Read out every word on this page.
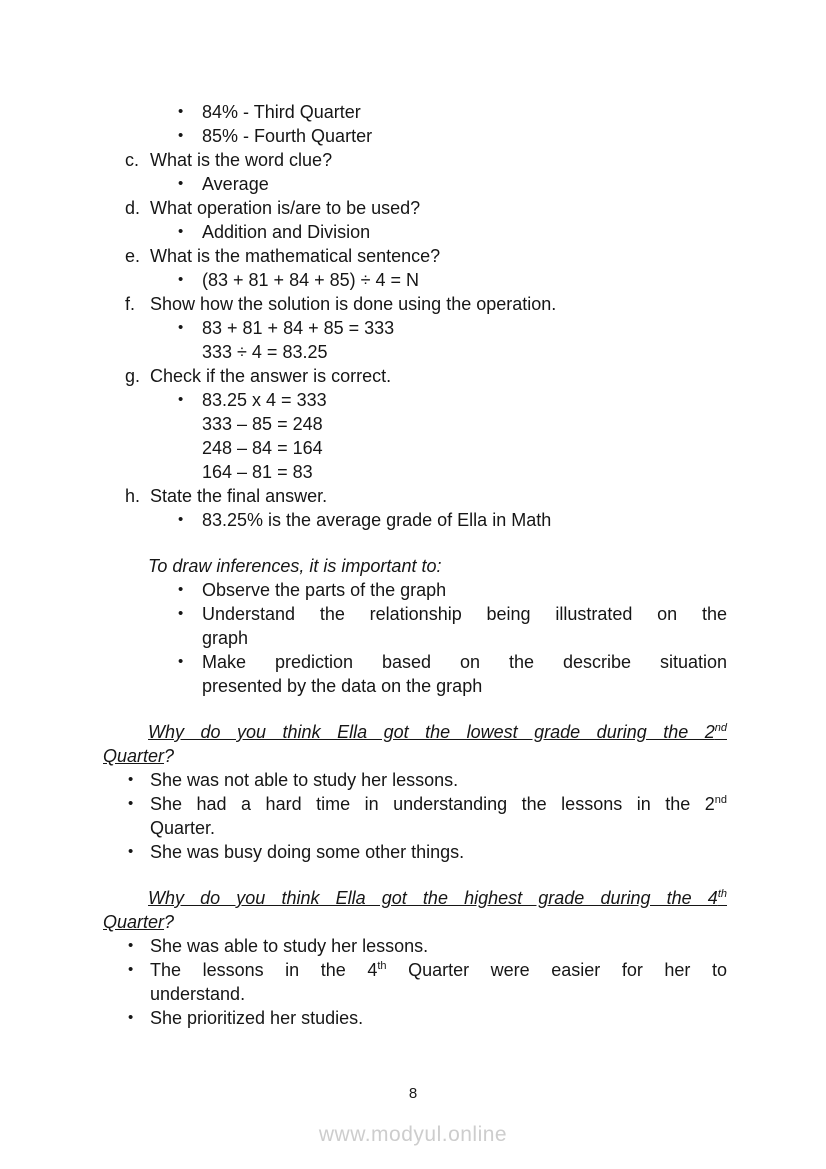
•	84% - Third Quarter
•	85% - Fourth Quarter
c. What is the word clue?
•	Average
d. What operation is/are to be used?
•	Addition and Division
e. What is the mathematical sentence?
•	(83 + 81 + 84 + 85) ÷ 4 = N
f. Show how the solution is done using the operation.
•	83 + 81 + 84 + 85 = 333
333 ÷ 4 = 83.25
g. Check if the answer is correct.
•	83.25 x 4 = 333
333 – 85 = 248
248 – 84 = 164
164 – 81 = 83
h. State the final answer.
•	83.25% is the average grade of Ella in Math
To draw inferences, it is important to:
•	Observe the parts of the graph
•	Understand the relationship being illustrated on the
graph
•	Make prediction based on the describe situation
presented by the data on the graph
Why do you think Ella got the lowest grade during the 2nd
Quarter?
• She was not able to study her lessons.
• She had a hard time in understanding the lessons in the 2nd
Quarter.
• She was busy doing some other things.
Why do you think Ella got the highest grade during the 4th
Quarter?
• She was able to study her lessons.
• The lessons in the 4th Quarter were easier for her to
understand.
• She prioritized her studies.
8
www.modyul.online
